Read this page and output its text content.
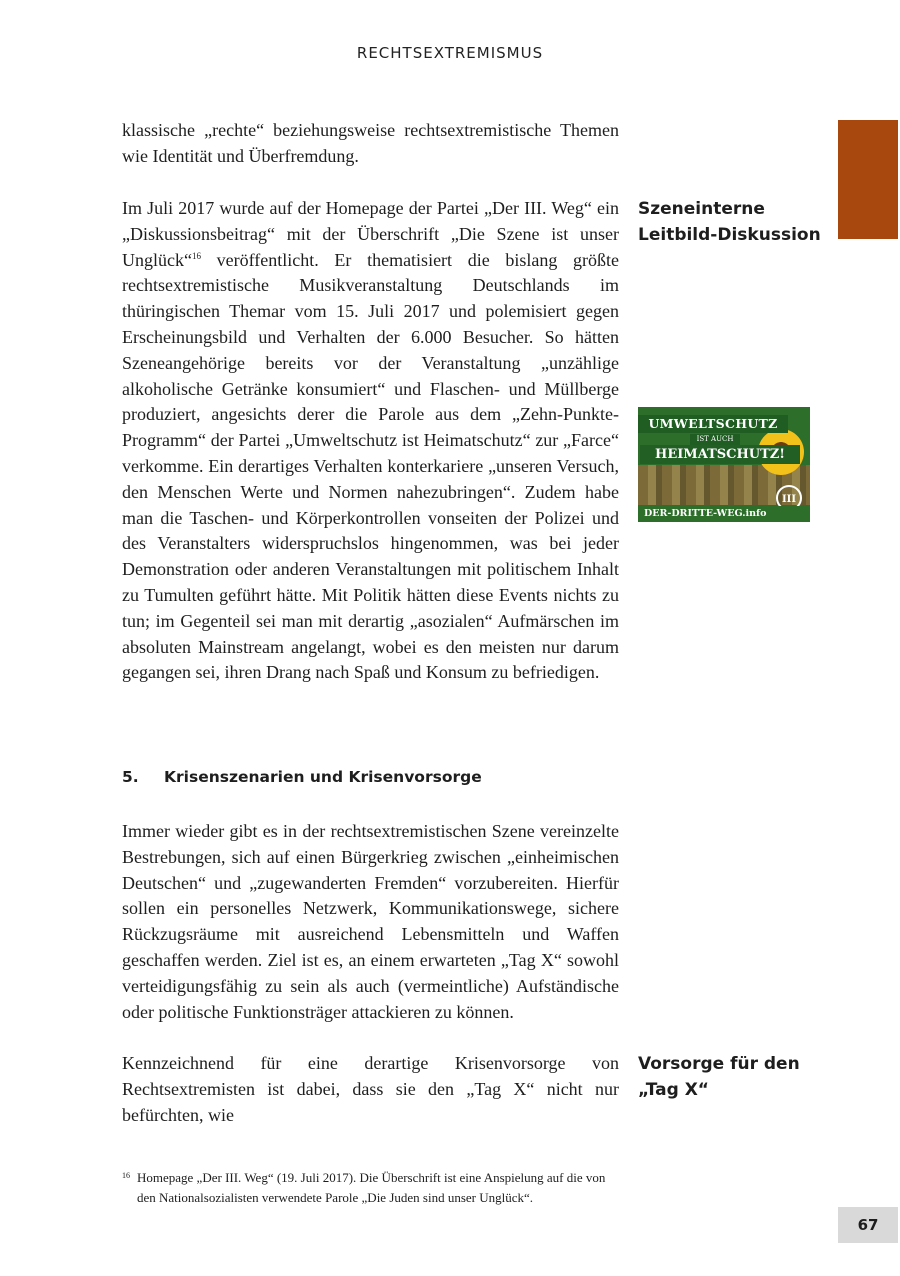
RECHTSEXTREMISMUS

klassische „rechte“ beziehungsweise rechtsextremistische Themen wie Identität und Überfremdung.

Im Juli 2017 wurde auf der Homepage der Partei „Der III. Weg“ ein „Diskussionsbeitrag“ mit der Überschrift „Die Szene ist unser Unglück“$^{16}$ veröffentlicht. Er thematisiert die bislang größte rechtsextremistische Musikveranstaltung Deutschlands im thüringischen Themar vom 15. Juli 2017 und polemisiert gegen Erscheinungsbild und Verhalten der 6.000 Besucher. So hätten Szeneangehörige bereits vor der Veranstaltung „unzählige alkoholische Getränke konsumiert“ und Flaschen- und Müllberge produziert, angesichts derer die Parole aus dem „Zehn-Punkte-Programm“ der Partei „Umweltschutz ist Heimatschutz“ zur „Farce“ verkomme. Ein derartiges Verhalten konterkariere „unseren Versuch, den Menschen Werte und Normen nahezubringen“. Zudem habe man die Taschen- und Körperkontrollen vonseiten der Polizei und des Veranstalters widerspruchslos hingenommen, was bei jeder Demonstration oder anderen Veranstaltungen mit politischem Inhalt zu Tumulten geführt hätte. Mit Politik hätten diese Events nichts zu tun; im Gegenteil sei man mit derartig „asozialen“ Aufmärschen im absoluten Mainstream angelangt, wobei es den meisten nur darum gegangen sei, ihren Drang nach Spaß und Konsum zu befriedigen.

Szeneinterne
Leitbild-Diskussion
UMWELTSCHUTZ
IST AUCH
HEIMATSCHUTZ!
III
DER-DRITTE-WEG.info
5. Krisenszenarien und Krisenvorsorge

Immer wieder gibt es in der rechtsextremistischen Szene vereinzelte Bestrebungen, sich auf einen Bürgerkrieg zwischen „einheimischen Deutschen“ und „zugewanderten Fremden“ vorzubereiten. Hierfür sollen ein personelles Netzwerk, Kommunikationswege, sichere Rückzugsräume mit ausreichend Lebensmitteln und Waffen geschaffen werden. Ziel ist es, an einem erwarteten „Tag X“ sowohl verteidigungsfähig zu sein als auch (vermeintliche) Aufständische oder politische Funktionsträger attackieren zu können.

Kennzeichnend für eine derartige Krisenvorsorge von Rechtsextremisten ist dabei, dass sie den „Tag X“ nicht nur befürchten, wie

Vorsorge für den
„Tag X“
16 Homepage „Der III. Weg“ (19. Juli 2017). Die Überschrift ist eine Anspielung auf die von den Nationalsozialisten verwendete Parole „Die Juden sind unser Unglück“.
67
